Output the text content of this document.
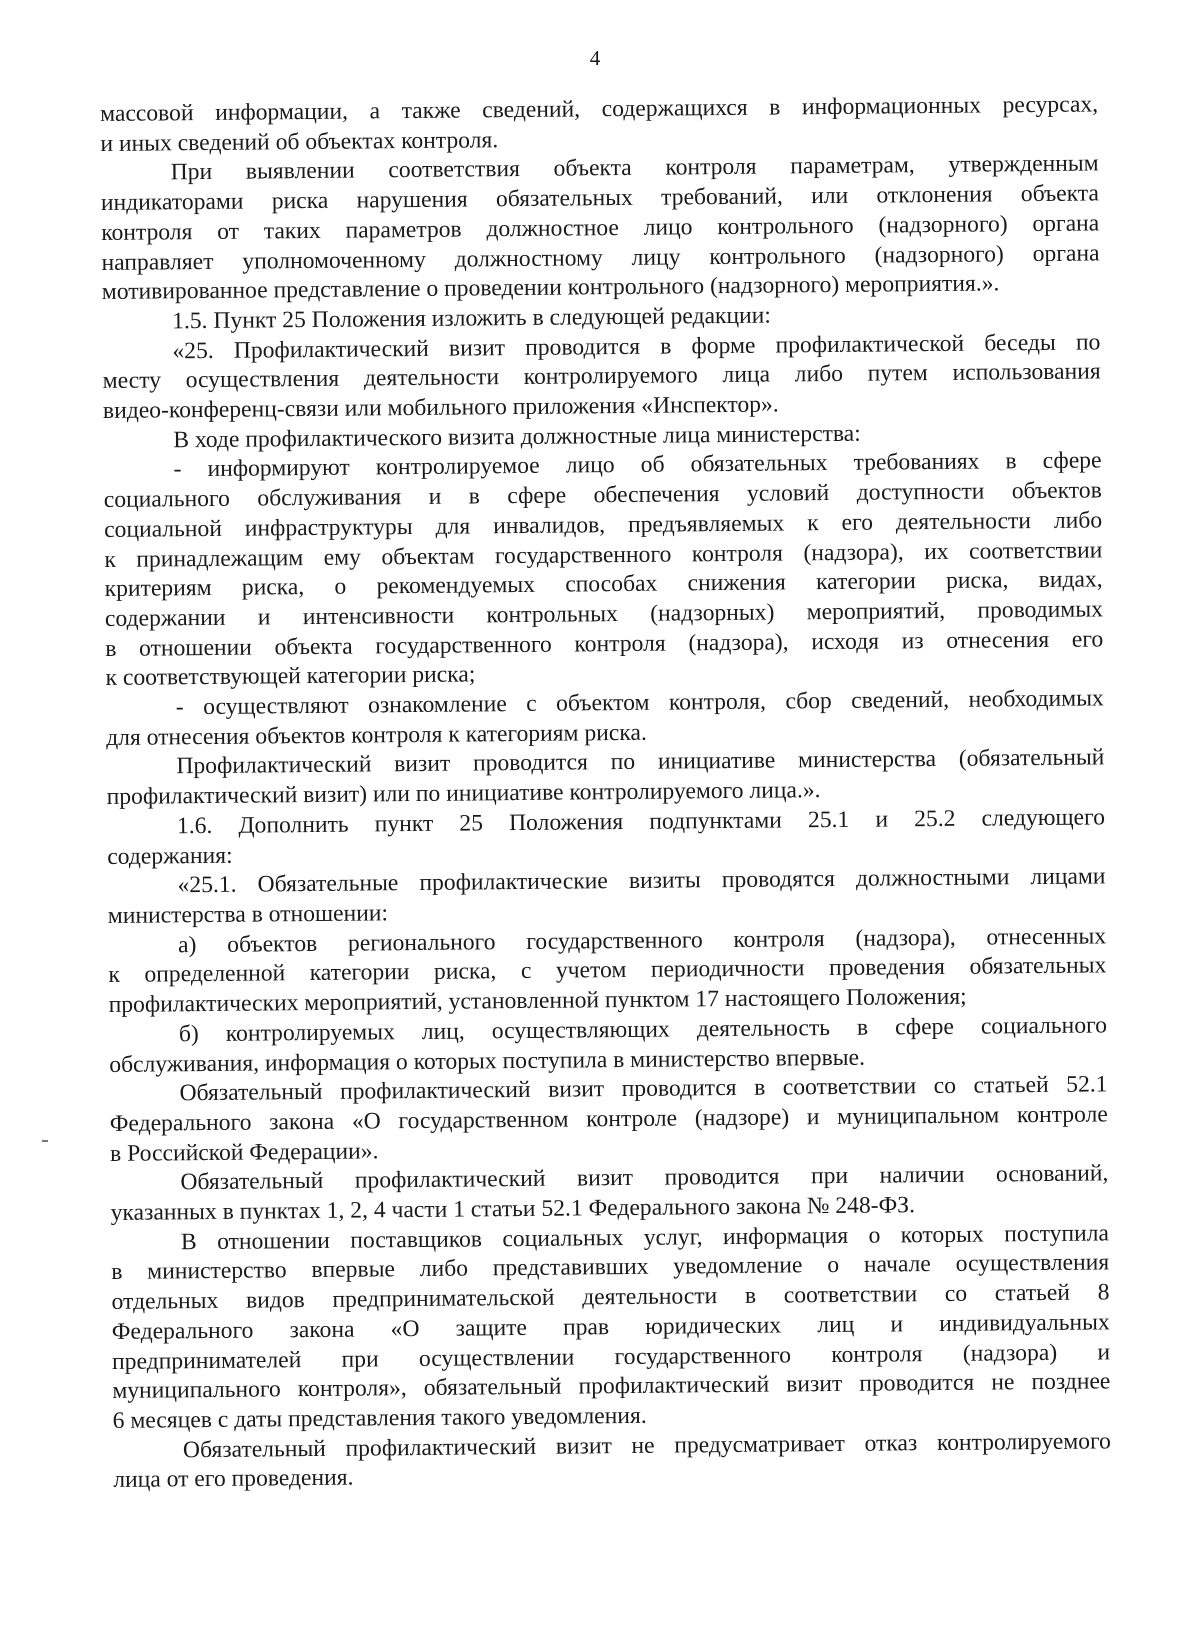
4
массовой информации, а также сведений, содержащихся в информационных ресурсах,
и иных сведений об объектах контроля.
При выявлении соответствия объекта контроля параметрам, утвержденным
индикаторами риска нарушения обязательных требований, или отклонения объекта
контроля от таких параметров должностное лицо контрольного (надзорного) органа
направляет уполномоченному должностному лицу контрольного (надзорного) органа
мотивированное представление о проведении контрольного (надзорного) мероприятия.».
1.5. Пункт 25 Положения изложить в следующей редакции:
«25. Профилактический визит проводится в форме профилактической беседы по
месту осуществления деятельности контролируемого лица либо путем использования
видео-конференц-связи или мобильного приложения «Инспектор».
В ходе профилактического визита должностные лица министерства:
- информируют контролируемое лицо об обязательных требованиях в сфере
социального обслуживания и в сфере обеспечения условий доступности объектов
социальной инфраструктуры для инвалидов, предъявляемых к его деятельности либо
к принадлежащим ему объектам государственного контроля (надзора), их соответствии
критериям риска, о рекомендуемых способах снижения категории риска, видах,
содержании и интенсивности контрольных (надзорных) мероприятий, проводимых
в отношении объекта государственного контроля (надзора), исходя из отнесения его
к соответствующей категории риска;
- осуществляют ознакомление с объектом контроля, сбор сведений, необходимых
для отнесения объектов контроля к категориям риска.
Профилактический визит проводится по инициативе министерства (обязательный
профилактический визит) или по инициативе контролируемого лица.».
1.6. Дополнить пункт 25 Положения подпунктами 25.1 и 25.2 следующего
содержания:
«25.1. Обязательные профилактические визиты проводятся должностными лицами
министерства в отношении:
а) объектов регионального государственного контроля (надзора), отнесенных
к определенной категории риска, с учетом периодичности проведения обязательных
профилактических мероприятий, установленной пунктом 17 настоящего Положения;
б) контролируемых лиц, осуществляющих деятельность в сфере социального
обслуживания, информация о которых поступила в министерство впервые.
Обязательный профилактический визит проводится в соответствии со статьей 52.1
Федерального закона «О государственном контроле (надзоре) и муниципальном контроле
в Российской Федерации».
Обязательный профилактический визит проводится при наличии оснований,
указанных в пунктах 1, 2, 4 части 1 статьи 52.1 Федерального закона № 248-ФЗ.
В отношении поставщиков социальных услуг, информация о которых поступила
в министерство впервые либо представивших уведомление о начале осуществления
отдельных видов предпринимательской деятельности в соответствии со статьей 8
Федерального закона «О защите прав юридических лиц и индивидуальных
предпринимателей при осуществлении государственного контроля (надзора) и
муниципального контроля», обязательный профилактический визит проводится не позднее
6 месяцев с даты представления такого уведомления.
Обязательный профилактический визит не предусматривает отказ контролируемого
лица от его проведения.
